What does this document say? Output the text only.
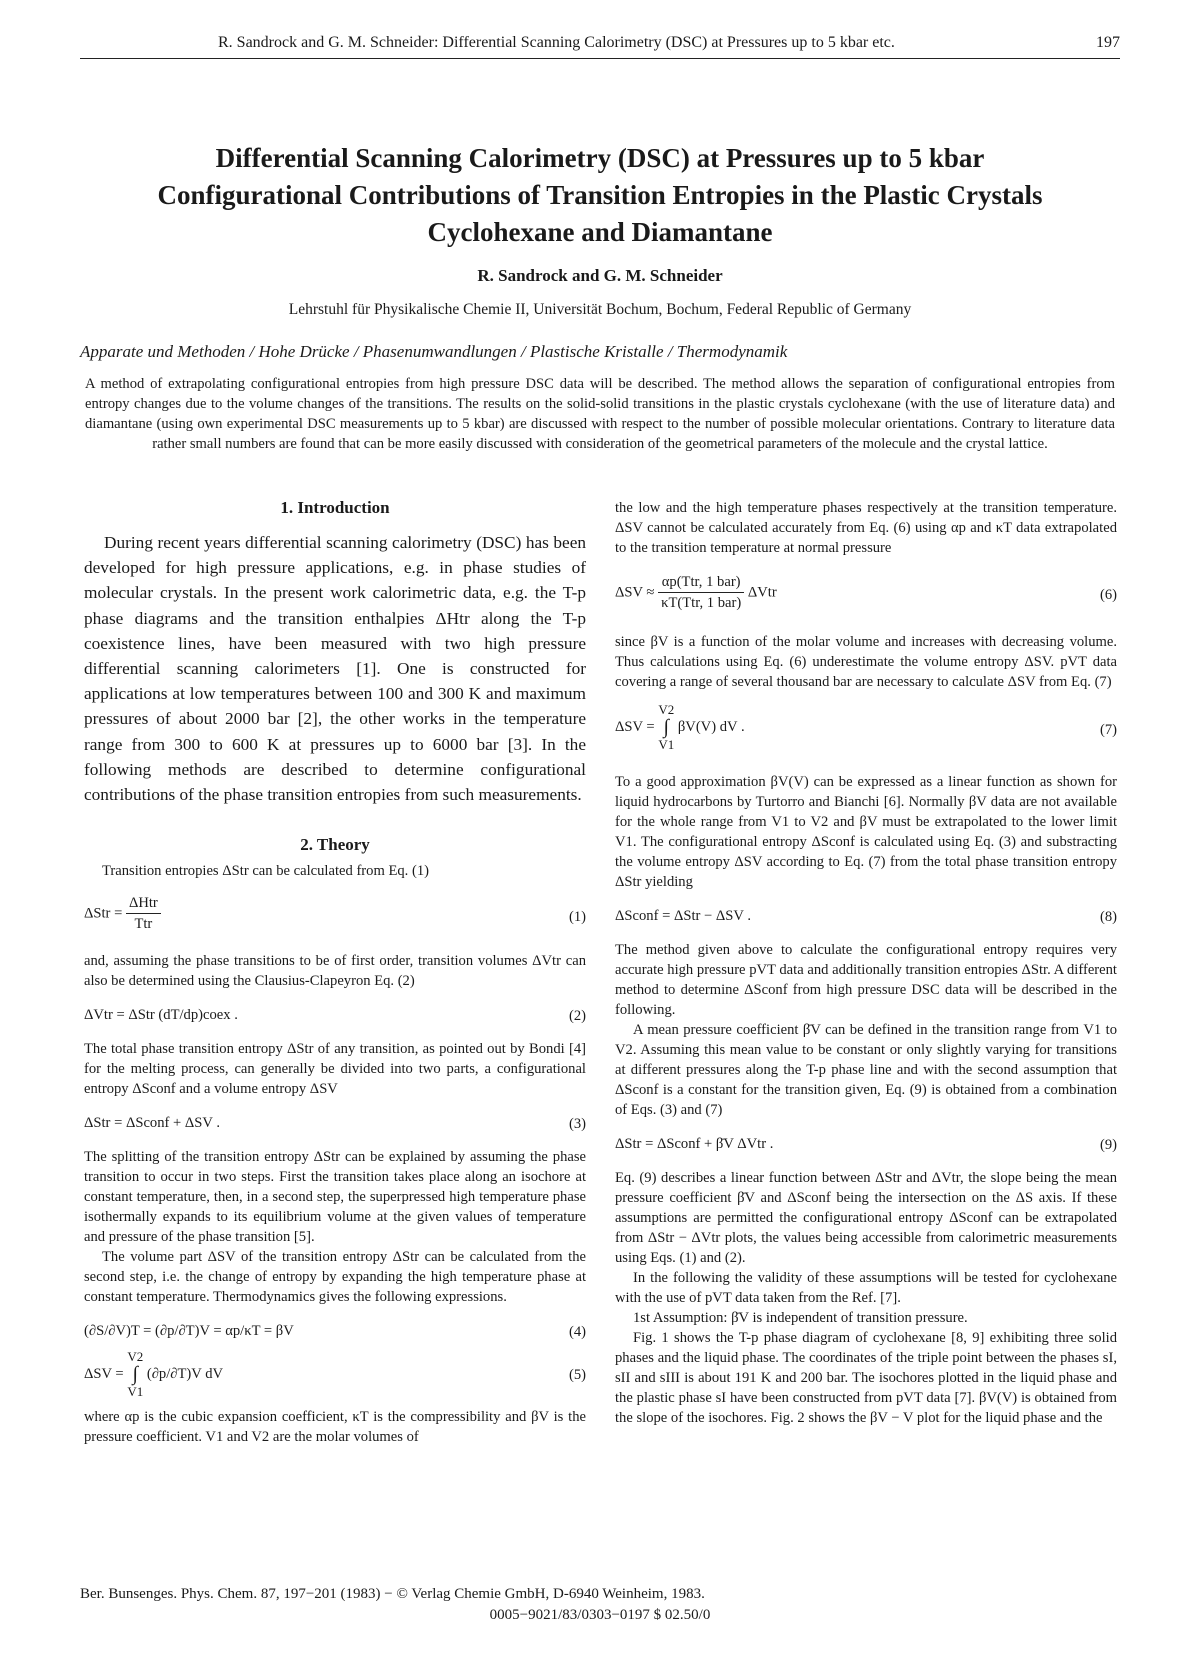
R. Sandrock and G. M. Schneider: Differential Scanning Calorimetry (DSC) at Pressures up to 5 kbar etc.	197
Differential Scanning Calorimetry (DSC) at Pressures up to 5 kbar
Configurational Contributions of Transition Entropies in the Plastic Crystals
Cyclohexane and Diamantane
R. Sandrock and G. M. Schneider
Lehrstuhl für Physikalische Chemie II, Universität Bochum, Bochum, Federal Republic of Germany
Apparate und Methoden / Hohe Drücke / Phasenumwandlungen / Plastische Kristalle / Thermodynamik
A method of extrapolating configurational entropies from high pressure DSC data will be described. The method allows the separation of configurational entropies from entropy changes due to the volume changes of the transitions. The results on the solid-solid transitions in the plastic crystals cyclohexane (with the use of literature data) and diamantane (using own experimental DSC measurements up to 5 kbar) are discussed with respect to the number of possible molecular orientations. Contrary to literature data rather small numbers are found that can be more easily discussed with consideration of the geometrical parameters of the molecule and the crystal lattice.
1. Introduction

During recent years differential scanning calorimetry (DSC) has been developed for high pressure applications, e.g. in phase studies of molecular crystals. In the present work calorimetric data, e.g. the T-p phase diagrams and the transition enthalpies ΔHtr along the T-p coexistence lines, have been measured with two high pressure differential scanning calorimeters [1]. One is constructed for applications at low temperatures between 100 and 300 K and maximum pressures of about 2000 bar [2], the other works in the temperature range from 300 to 600 K at pressures up to 6000 bar [3]. In the following methods are described to determine configurational contributions of the phase transition entropies from such measurements.

2. Theory

Transition entropies ΔStr can be calculated from Eq. (1)

$\Delta Str = \frac{\text{ΔHtr}}{\text{Ttr}}$	(1)

and, assuming the phase transitions to be of first order, transition volumes ΔVtr can also be determined using the Clausius-Clapeyron Eq. (2)

ΔVtr = ΔStr (dT/dp)coex .	(2)

The total phase transition entropy ΔStr of any transition, as pointed out by Bondi [4] for the melting process, can generally be divided into two parts, a configurational entropy ΔSconf and a volume entropy ΔSV

ΔStr = ΔSconf + ΔSV .	(3)

The splitting of the transition entropy ΔStr can be explained by assuming the phase transition to occur in two steps. First the transition takes place along an isochore at constant temperature, then, in a second step, the superpressed high temperature phase isothermally expands to its equilibrium volume at the given values of temperature and pressure of the phase transition [5].

The volume part ΔSV of the transition entropy ΔStr can be calculated from the second step, i.e. the change of entropy by expanding the high temperature phase at constant temperature. Thermodynamics gives the following expressions.

(∂S/∂V)T = (∂p/∂T)V = αp/κT = βV	(4)
ΔSV =
V2
∫
V1
(∂p/∂T)V dV	(5)

where αp is the cubic expansion coefficient, κT is the compressibility and βV is the pressure coefficient. V1 and V2 are the molar volumes of

the low and the high temperature phases respectively at the transition temperature. ΔSV cannot be calculated accurately from Eq. (6) using αp and κT data extrapolated to the transition temperature at normal pressure

$\Delta SV \approx \frac{\text{αp(Ttr, 1 bar)}}{\text{κT(Ttr, 1 bar)}}$ ΔVtr	(6)

since βV is a function of the molar volume and increases with decreasing volume. Thus calculations using Eq. (6) underestimate the volume entropy ΔSV. pVT data covering a range of several thousand bar are necessary to calculate ΔSV from Eq. (7)

ΔSV =
V2
∫
V1
βV(V) dV .	(7)

To a good approximation βV(V) can be expressed as a linear function as shown for liquid hydrocarbons by Turtorro and Bianchi [6]. Normally βV data are not available for the whole range from V1 to V2 and βV must be extrapolated to the lower limit V1. The configurational entropy ΔSconf is calculated using Eq. (3) and substracting the volume entropy ΔSV according to Eq. (7) from the total phase transition entropy ΔStr yielding

ΔSconf = ΔStr − ΔSV .	(8)

The method given above to calculate the configurational entropy requires very accurate high pressure pVT data and additionally transition entropies ΔStr. A different method to determine ΔSconf from high pressure DSC data will be described in the following.

A mean pressure coefficient β̄V can be defined in the transition range from V1 to V2. Assuming this mean value to be constant or only slightly varying for transitions at different pressures along the T-p phase line and with the second assumption that ΔSconf is a constant for the transition given, Eq. (9) is obtained from a combination of Eqs. (3) and (7)

ΔStr = ΔSconf + β̄V ΔVtr .	(9)

Eq. (9) describes a linear function between ΔStr and ΔVtr, the slope being the mean pressure coefficient β̄V and ΔSconf being the intersection on the ΔS axis. If these assumptions are permitted the configurational entropy ΔSconf can be extrapolated from ΔStr − ΔVtr plots, the values being accessible from calorimetric measurements using Eqs. (1) and (2).

In the following the validity of these assumptions will be tested for cyclohexane with the use of pVT data taken from the Ref. [7].

1st Assumption: β̄V is independent of transition pressure.

Fig. 1 shows the T-p phase diagram of cyclohexane [8, 9] exhibiting three solid phases and the liquid phase. The coordinates of the triple point between the phases sI, sII and sIII is about 191 K and 200 bar. The isochores plotted in the liquid phase and the plastic phase sI have been constructed from pVT data [7]. βV(V) is obtained from the slope of the isochores. Fig. 2 shows the βV − V plot for the liquid phase and the

Ber. Bunsenges. Phys. Chem. 87, 197−201 (1983) − © Verlag Chemie GmbH, D-6940 Weinheim, 1983.
0005−9021/83/0303−0197 $ 02.50/0
